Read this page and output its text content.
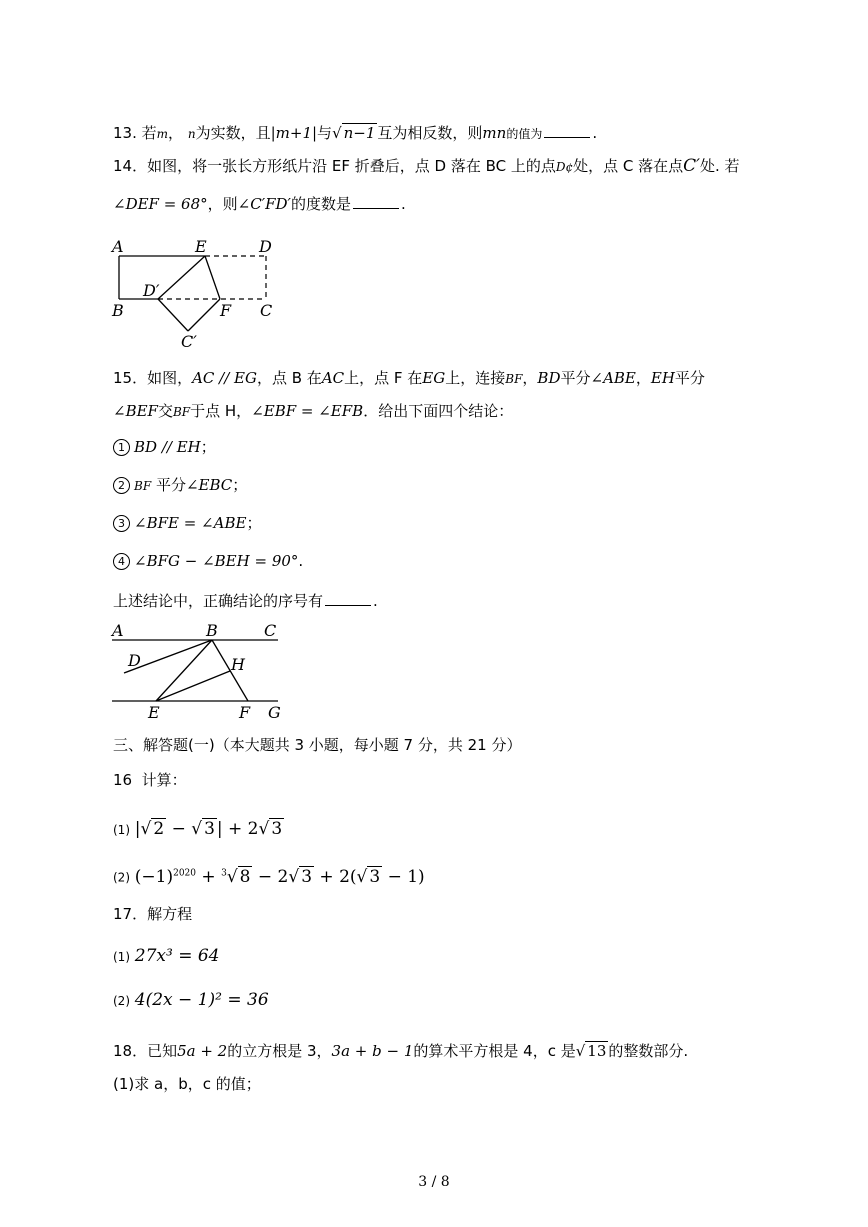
13. 若m， n为实数，且|m+1|与√ n−1 互为相反数，则mn的值为	.
14．如图，将一张长方形纸片沿 EF 折叠后，点 D 落在 BC 上的点D¢处，点 C 落在点C′处. 若
∠DEF = 68°，则∠C′FD′的度数是	.
A	E	D
D′
B	F C
C′
15．如图，AC // EG，点 B 在AC上，点 F 在EG上，连接BF，BD平分∠ABE，EH平分
∠BEF交BF于点 H，∠EBF = ∠EFB．给出下面四个结论：
1 BD // EH；
2 BF 平分∠EBC；
3 ∠BFE = ∠ABE；
4 ∠BFG − ∠BEH = 90°.
上述结论中，正确结论的序号有	.
A	B	C
D	H
E	F G
三、解答题(一)（本大题共 3 小题，每小题 7 分，共 21 分）
16 计算：
(1) |√ 2 − √ 3 | + 2√ 3
(2) $(-1)^{2020} + ^3√$ 8 − 2√ 3 + 2(√ 3 − 1)
17．解方程
(1) 27x³ = 64
(2) 4(2x − 1)² = 36
18．已知5a + 2的立方根是 3，3a + b − 1的算术平方根是 4，c 是√ 13 的整数部分.
(1)求 a，b，c 的值；
3 / 8
